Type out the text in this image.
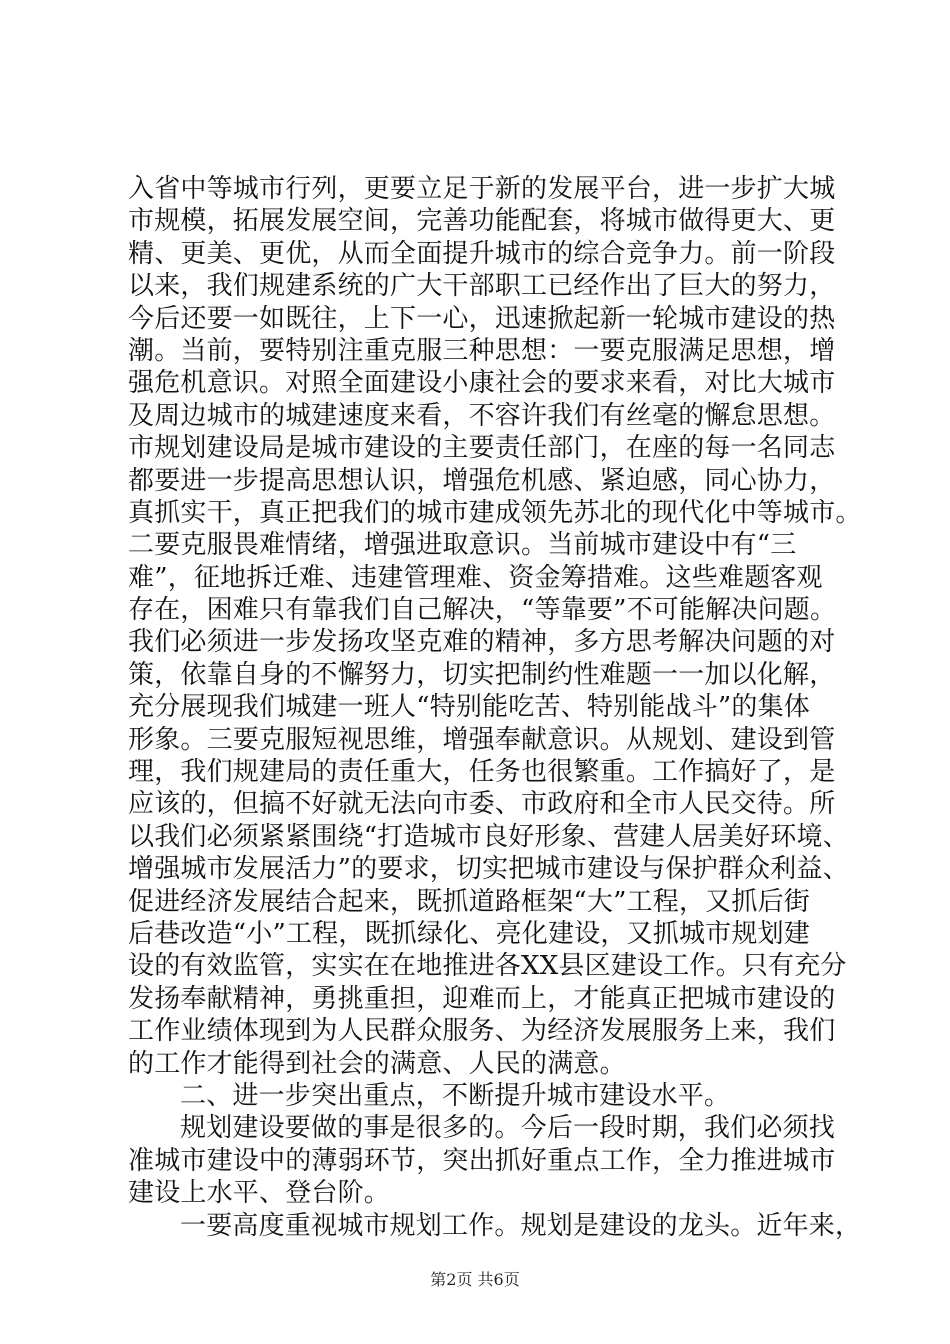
入省中等城市行列，更要立足于新的发展平台，进一步扩大城
市规模，拓展发展空间，完善功能配套，将城市做得更大、更
精、更美、更优，从而全面提升城市的综合竞争力。前一阶段
以来，我们规建系统的广大干部职工已经作出了巨大的努力，
今后还要一如既往，上下一心，迅速掀起新一轮城市建设的热
潮。当前，要特别注重克服三种思想：一要克服满足思想，增
强危机意识。对照全面建设小康社会的要求来看，对比大城市
及周边城市的城建速度来看，不容许我们有丝毫的懈怠思想。
市规划建设局是城市建设的主要责任部门，在座的每一名同志
都要进一步提高思想认识，增强危机感、紧迫感，同心协力，
真抓实干，真正把我们的城市建成领先苏北的现代化中等城市。
二要克服畏难情绪，增强进取意识。当前城市建设中有“三
难”，征地拆迁难、违建管理难、资金筹措难。这些难题客观
存在，困难只有靠我们自己解决，“等靠要”不可能解决问题。
我们必须进一步发扬攻坚克难的精神，多方思考解决问题的对
策，依靠自身的不懈努力，切实把制约性难题一一加以化解，
充分展现我们城建一班人“特别能吃苦、特别能战斗”的集体
形象。三要克服短视思维，增强奉献意识。从规划、建设到管
理，我们规建局的责任重大，任务也很繁重。工作搞好了，是
应该的，但搞不好就无法向市委、市政府和全市人民交待。所
以我们必须紧紧围绕“打造城市良好形象、营建人居美好环境、
增强城市发展活力”的要求，切实把城市建设与保护群众利益、
促进经济发展结合起来，既抓道路框架“大”工程，又抓后街
后巷改造“小”工程，既抓绿化、亮化建设，又抓城市规划建
设的有效监管，实实在在地推进各XX县区建设工作。只有充分
发扬奉献精神，勇挑重担，迎难而上，才能真正把城市建设的
工作业绩体现到为人民群众服务、为经济发展服务上来，我们
的工作才能得到社会的满意、人民的满意。
二、进一步突出重点，不断提升城市建设水平。
规划建设要做的事是很多的。今后一段时期，我们必须找
准城市建设中的薄弱环节，突出抓好重点工作，全力推进城市
建设上水平、登台阶。
一要高度重视城市规划工作。规划是建设的龙头。近年来，
第2页 共6页
